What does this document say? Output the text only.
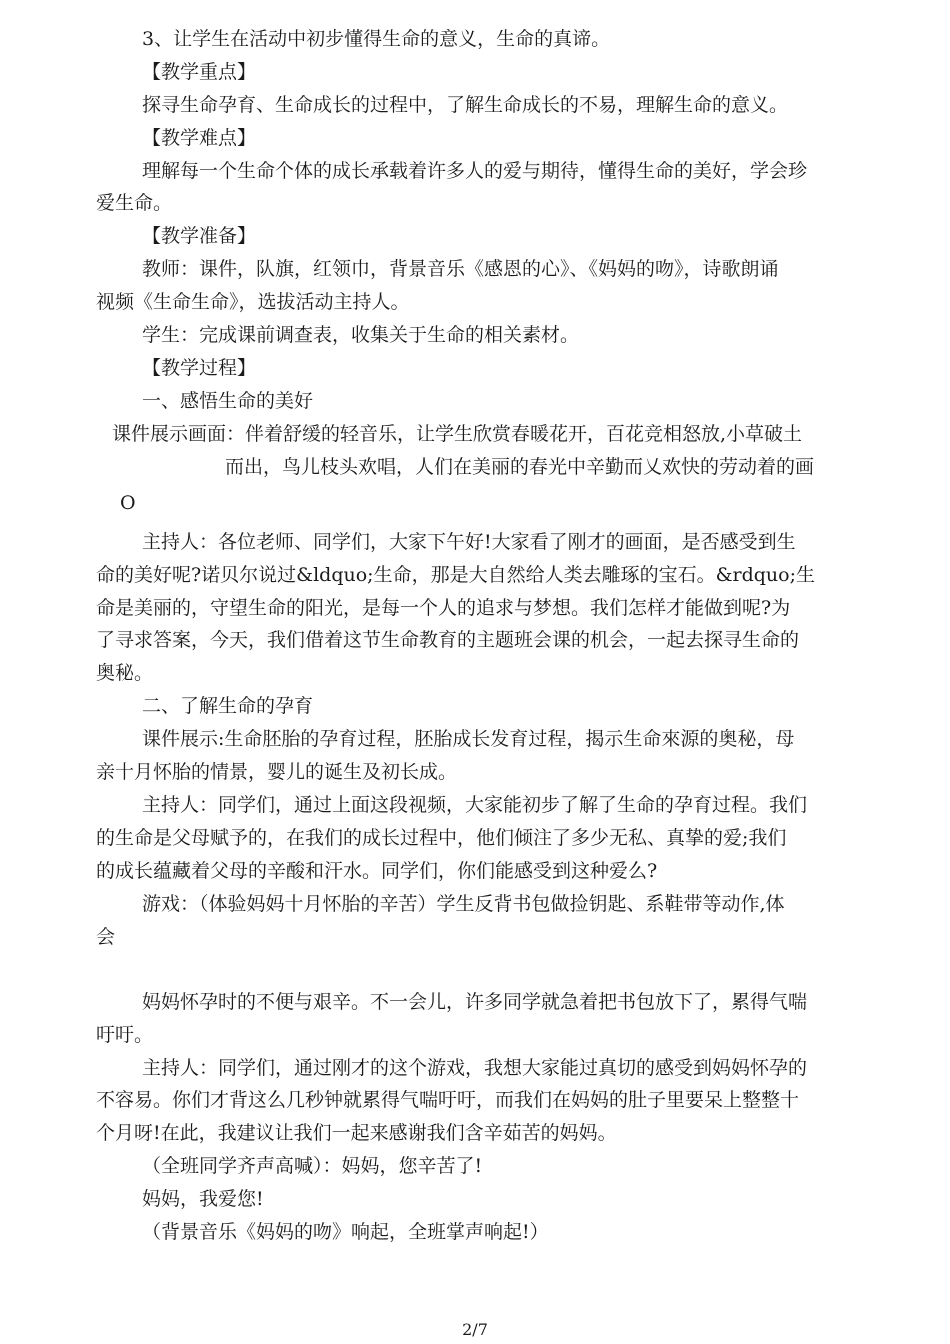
3、让学生在活动中初步懂得生命的意义，生命的真谛。
【教学重点】
探寻生命孕育、生命成长的过程中，了解生命成长的不易，理解生命的意义。
【教学难点】
理解每一个生命个体的成长承载着许多人的爱与期待，懂得生命的美好，学会珍
爱生命。
【教学准备】
教师：课件，队旗，红领巾，背景音乐《感恩的心》、《妈妈的吻》，诗歌朗诵
视频《生命生命》，选拔活动主持人。
学生：完成课前调查表，收集关于生命的相关素材。
【教学过程】
一、感悟生命的美好
课件展示画面：伴着舒缓的轻音乐，让学生欣赏春暖花开，百花竞相怒放,小草破土
而出，鸟儿枝头欢唱，人们在美丽的春光中辛勤而乂欢快的劳动着的画
O
主持人：各位老师、同学们，大家下午好!大家看了刚才的画面，是否感受到生
命的美好呢?诺贝尔说过&ldquo;生命，那是大自然给人类去雕琢的宝石。&rdquo;生
命是美丽的，守望生命的阳光，是每一个人的追求与梦想。我们怎样才能做到呢?为
了寻求答案，今天，我们借着这节生命教育的主题班会课的机会，一起去探寻生命的
奥秘。
二、了解生命的孕育
课件展示:生命胚胎的孕育过程，胚胎成长发育过程，揭示生命來源的奥秘，母
亲十月怀胎的情景，婴儿的诞生及初长成。
主持人：同学们，通过上面这段视频，大家能初步了解了生命的孕育过程。我们
的生命是父母赋予的，在我们的成长过程中，他们倾注了多少无私、真挚的爱;我们
的成长蕴藏着父母的辛酸和汗水。同学们，你们能感受到这种爱么?
游戏：（体验妈妈十月怀胎的辛苦）学生反背书包做捡钥匙、系鞋带等动作,体
会
妈妈怀孕时的不便与艰辛。不一会儿，许多同学就急着把书包放下了，累得气喘
吁吁。
主持人：同学们，通过刚才的这个游戏，我想大家能过真切的感受到妈妈怀孕的
不容易。你们才背这么几秒钟就累得气喘吁吁，而我们在妈妈的肚子里要呆上整整十
个月呀!在此，我建议让我们一起来感谢我们含辛茹苦的妈妈。
（全班同学齐声高喊）：妈妈，您辛苦了!
妈妈，我爱您!
（背景音乐《妈妈的吻》响起，全班掌声响起!）
2/7
